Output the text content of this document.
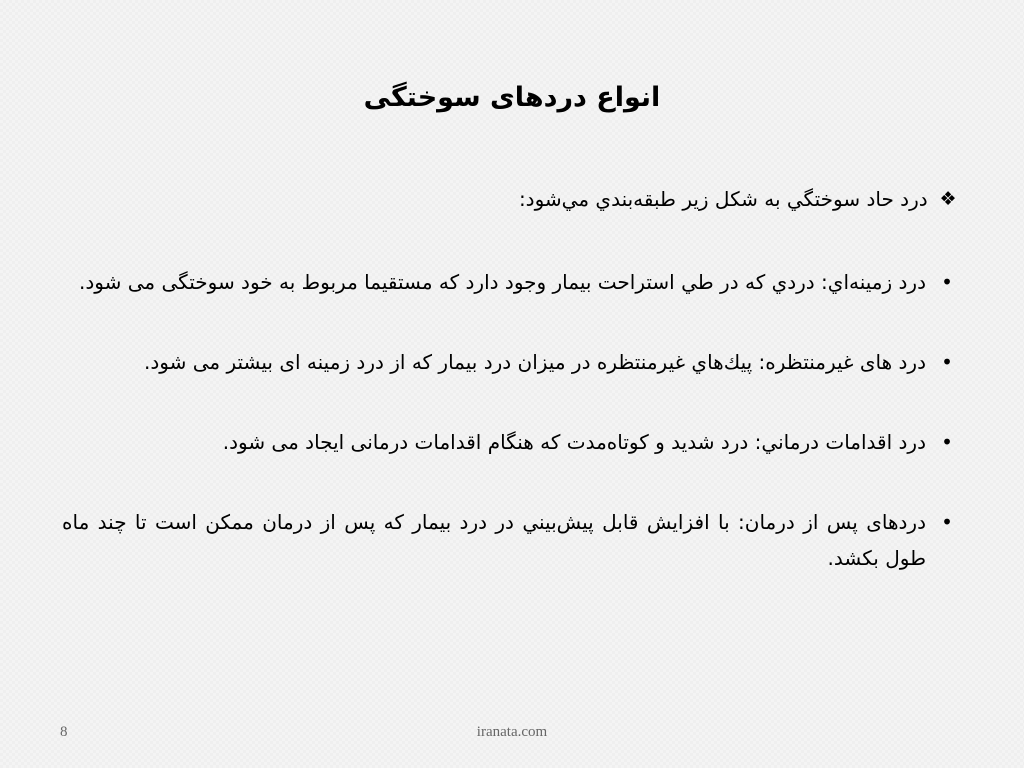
انواع دردهای سوختگی
❖ درد حاد سوختگي به شكل زير طبقه‌بندي مي‌شود:
•
درد زمينه‌اي: دردي كه در طي استراحت بيمار وجود دارد كه مستقيما مربوط به خود سوختگی می شود.
•
درد های غیرمنتظره: پيك‌هاي غيرمنتظره در ميزان درد بيمار که از درد زمینه ای بیشتر می شود.
•
درد اقدامات درماني: درد شديد و كوتاه‌مدت كه هنگام اقدامات درمانی ایجاد می شود.
•
دردهای پس از درمان: با افزايش قابل پيش‌بيني در درد بيمار که پس از درمان ممکن است تا چند ماه طول بكشد.
8	iranata.com
